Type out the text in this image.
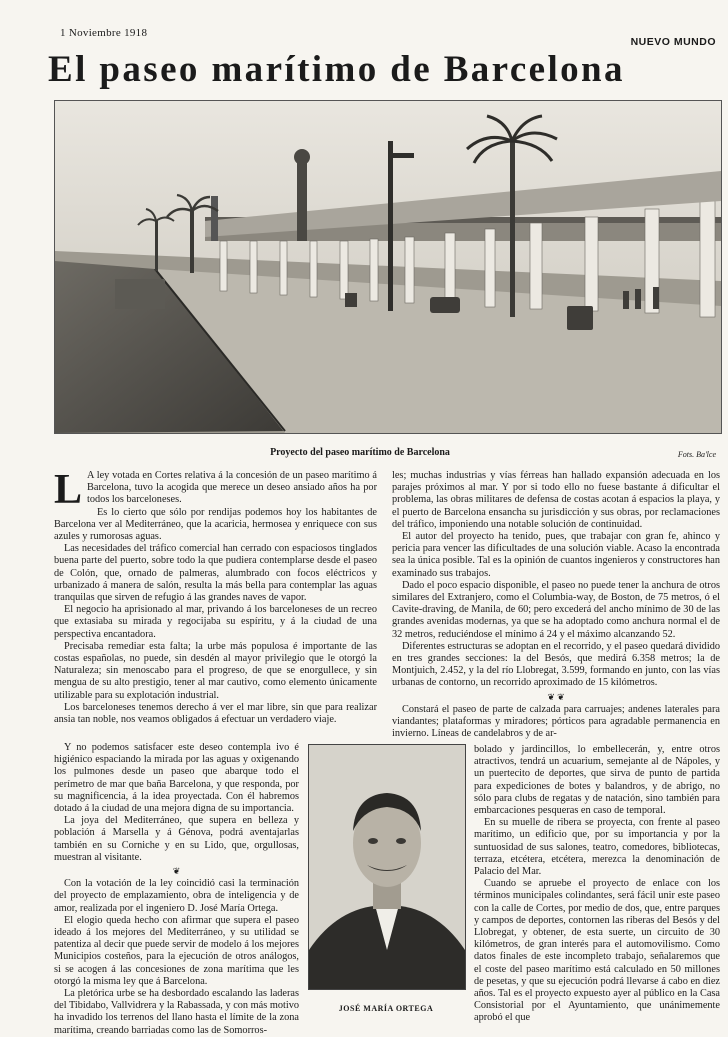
1 Noviembre 1918
NUEVO MUNDO
El paseo marítimo de Barcelona
Proyecto del paseo marítimo de Barcelona	Fots. Ba'lce

L A ley votada en Cortes relativa á la concesión de un paseo marítimo á Barcelona, tuvo la acogida que merece un deseo ansiado años ha por todos los barceloneses.

Es lo cierto que sólo por rendijas podemos hoy los habitantes de Barcelona ver al Mediterráneo, que la acaricia, hermosea y enriquece con sus azules y rumorosas aguas.

Las necesidades del tráfico comercial han cerrado con espaciosos tinglados buena parte del puerto, sobre todo la que pudiera contemplarse desde el paseo de Colón, que, ornado de palmeras, alumbrado con focos eléctricos y urbanizado á manera de salón, resulta la más bella para contemplar las aguas tranquilas que sirven de refugio á las grandes naves de vapor.

El negocio ha aprisionado al mar, privando á los barceloneses de un recreo que extasiaba su mirada y regocijaba su espíritu, y á la ciudad de una perspectiva encantadora.

Precisaba remediar esta falta; la urbe más populosa é importante de las costas españolas, no puede, sin desdén al mayor privilegio que le otorgó la Naturaleza; sin menoscabo para el progreso, de que se enorgullece, y sin mengua de su alto prestigio, tener al mar cautivo, como elemento únicamente utilizable para su explotación industrial.

Los barceloneses tenemos derecho á ver el mar libre, sin que para realizar ansia tan noble, nos veamos obligados á efectuar un verdadero viaje.

Y no podemos satisfacer este deseo contempla ivo é higiénico espaciando la mirada por las aguas y oxigenando los pulmones desde un paseo que abarque todo el perímetro de mar que baña Barcelona, y que responda, por su magnificencia, á la idea proyectada. Con él habremos dotado á la ciudad de una mejora digna de su importancia.

La joya del Mediterráneo, que supera en belleza y población á Marsella y á Génova, podrá aventajarlas también en su Corniche y en su Lido, que, orgullosas, muestran al visitante.

❦

Con la votación de la ley coincidió casi la terminación del proyecto de emplazamiento, obra de inteligencia y de amor, realizada por el ingeniero D. José María Ortega.

El elogio queda hecho con afirmar que supera el paseo ideado á los mejores del Mediterráneo, y su utilidad se patentiza al decir que puede servir de modelo á los mejores Municipios costeños, para la ejecución de otros análogos, si se acogen á las concesiones de zona marítima que les otorgó la misma ley que á Barcelona.

La pletórica urbe se ha desbordado escalando las laderas del Tibidabo, Vallvidrera y la Rabassada, y con más motivo ha invadido los terrenos del llano hasta el límite de la zona marítima, creando barriadas como las de Somorros-

les; muchas industrias y vías férreas han hallado expansión adecuada en los parajes próximos al mar. Y por si todo ello no fuese bastante á dificultar el problema, las obras militares de defensa de costas acotan á espacios la playa, y el puerto de Barcelona ensancha su jurisdicción y sus obras, por reclamaciones del tráfico, imponiendo una notable solución de continuidad.

El autor del proyecto ha tenido, pues, que trabajar con gran fe, ahinco y pericia para vencer las dificultades de una solución viable. Acaso la encontrada sea la única posible. Tal es la opinión de cuantos ingenieros y constructores han examinado sus trabajos.

Dado el poco espacio disponible, el paseo no puede tener la anchura de otros similares del Extranjero, como el Columbia-way, de Boston, de 75 metros, ó el Cavite-draving, de Manila, de 60; pero excederá del ancho mínimo de 30 de las grandes avenidas modernas, ya que se ha adoptado como anchura normal el de 32 metros, reduciéndose el mínimo á 24 y el máximo alcanzando 52.

Diferentes estructuras se adoptan en el recorrido, y el paseo quedará dividido en tres grandes secciones: la del Besós, que medirá 6.358 metros; la de Montjuich, 2.452, y la del río Llobregat, 3.599, formando en junto, con las vías urbanas de contorno, un recorrido aproximado de 15 kilómetros.

❦ ❦

Constará el paseo de parte de calzada para carruajes; andenes laterales para viandantes; plataformas y miradores; pórticos para agradable permanencia en invierno. Líneas de candelabros y de ar-

JOSÉ MARÍA ORTEGA

bolado y jardincillos, lo embellecerán, y, entre otros atractivos, tendrá un acuarium, semejante al de Nápoles, y un puertecito de deportes, que sirva de punto de partida para expediciones de botes y balandros, y de abrigo, no sólo para clubs de regatas y de natación, sino también para embarcaciones pesqueras en caso de temporal.

En su muelle de ribera se proyecta, con frente al paseo marítimo, un edificio que, por su importancia y por la suntuosidad de sus salones, teatro, comedores, bibliotecas, terraza, etcétera, etcétera, merezca la denominación de Palacio del Mar.

Cuando se apruebe el proyecto de enlace con los términos municipales colindantes, será fácil unir este paseo con la calle de Cortes, por medio de dos, que, entre parques y campos de deportes, contornen las riberas del Besós y del Llobregat, y obtener, de esta suerte, un circuito de 30 kilómetros, de gran interés para el automovilismo. Como datos finales de este incompleto trabajo, señalaremos que el coste del paseo marítimo está calculado en 50 millones de pesetas, y que su ejecución podrá llevarse á cabo en diez años. Tal es el proyecto expuesto ayer al público en la Casa Consistorial por el Ayuntamiento, que unánimemente aprobó el que
